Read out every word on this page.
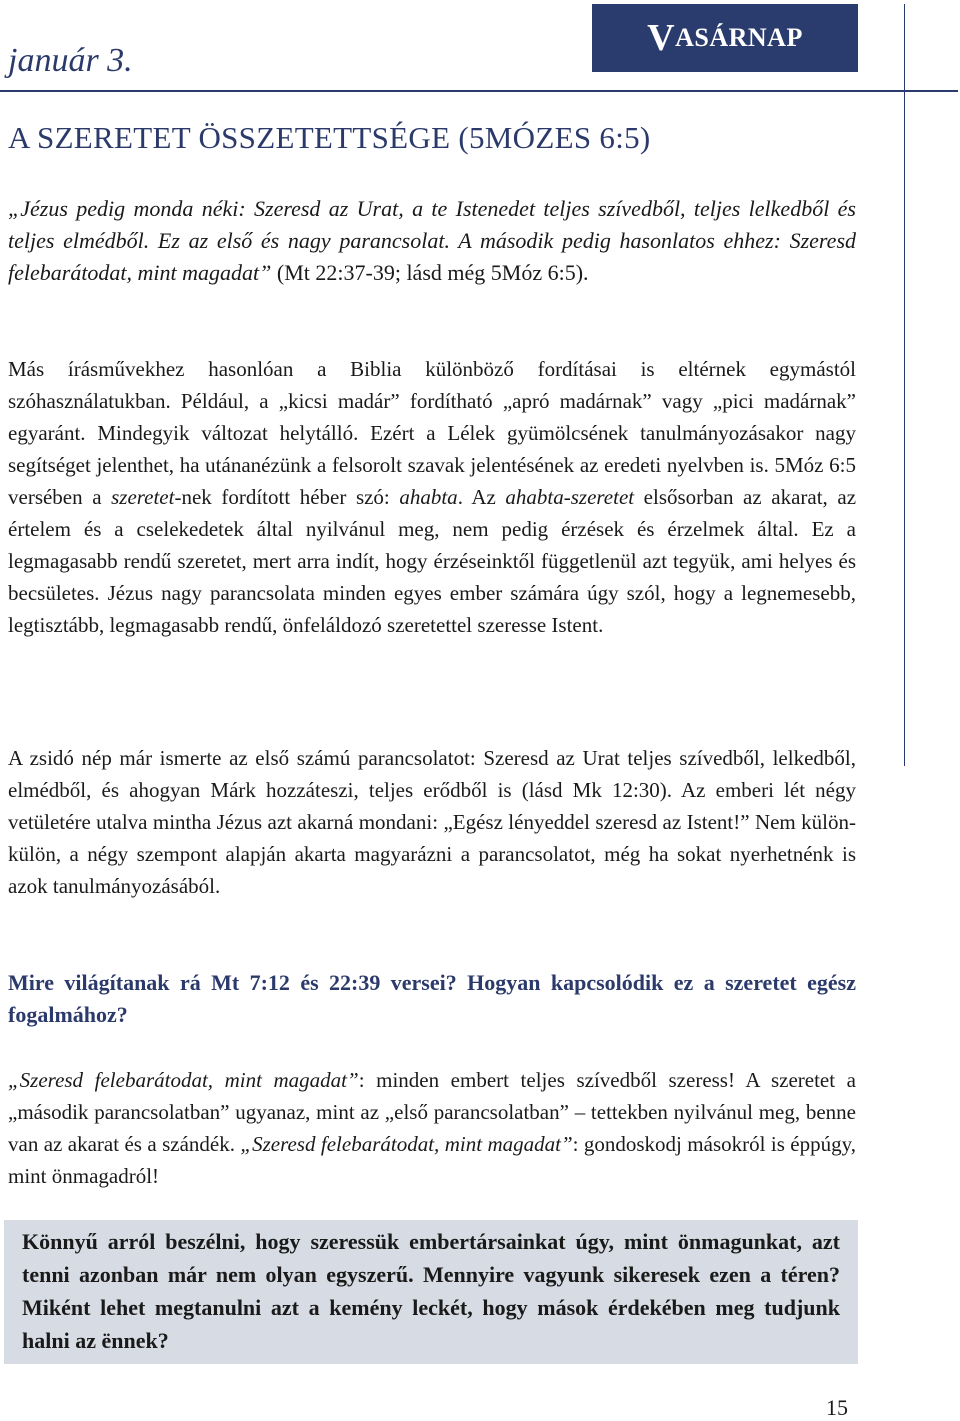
január 3.
V ASÁRNAP
A SZERETET ÖSSZETETTSÉGE (5MÓZES 6:5)
„Jézus pedig monda néki: Szeresd az Urat, a te Istenedet teljes szívedből, teljes lelkedből és teljes elmédből. Ez az első és nagy parancsolat. A második pedig hasonlatos ehhez: Szeresd felebarátodat, mint magadat” (Mt 22:37-39; lásd még 5Móz 6:5).
Más írásművekhez hasonlóan a Biblia különböző fordításai is eltérnek egymástól szóhasználatukban. Például, a „kicsi madár” fordítható „apró madárnak” vagy „pici madárnak” egyaránt. Mindegyik változat helytálló. Ezért a Lélek gyümölcsének tanulmányozásakor nagy segítséget jelenthet, ha utánanézünk a felsorolt szavak jelentésének az eredeti nyelvben is. 5Móz 6:5 versében a szeretet-nek fordított héber szó: ahabta. Az ahabta-szeretet elsősorban az akarat, az értelem és a cselekedetek által nyilvánul meg, nem pedig érzések és érzelmek által. Ez a legmagasabb rendű szeretet, mert arra indít, hogy érzéseinktől függetlenül azt tegyük, ami helyes és becsületes. Jézus nagy parancsolata minden egyes ember számára úgy szól, hogy a legnemesebb, legtisztább, legmagasabb rendű, önfeláldozó szeretettel szeresse Istent.
A zsidó nép már ismerte az első számú parancsolatot: Szeresd az Urat teljes szívedből, lelkedből, elmédből, és ahogyan Márk hozzáteszi, teljes erődből is (lásd Mk 12:30). Az emberi lét négy vetületére utalva mintha Jézus azt akarná mondani: „Egész lényeddel szeresd az Istent!” Nem külön-külön, a négy szempont alapján akarta magyarázni a parancsolatot, még ha sokat nyerhetnénk is azok tanulmányozásából.
Mire világítanak rá Mt 7:12 és 22:39 versei? Hogyan kapcsolódik ez a szeretet egész fogalmához?
„Szeresd felebarátodat, mint magadat”: minden embert teljes szívedből szeress! A szeretet a „második parancsolatban” ugyanaz, mint az „első parancsolatban” – tettekben nyilvánul meg, benne van az akarat és a szándék. „Szeresd felebarátodat, mint magadat”: gondoskodj másokról is éppúgy, mint önmagadról!
Könnyű arról beszélni, hogy szeressük embertársainkat úgy, mint önmagunkat, azt tenni azonban már nem olyan egyszerű. Mennyire vagyunk sikeresek ezen a téren? Miként lehet megtanulni azt a kemény leckét, hogy mások érdekében meg tudjunk halni az ënnek?
15
